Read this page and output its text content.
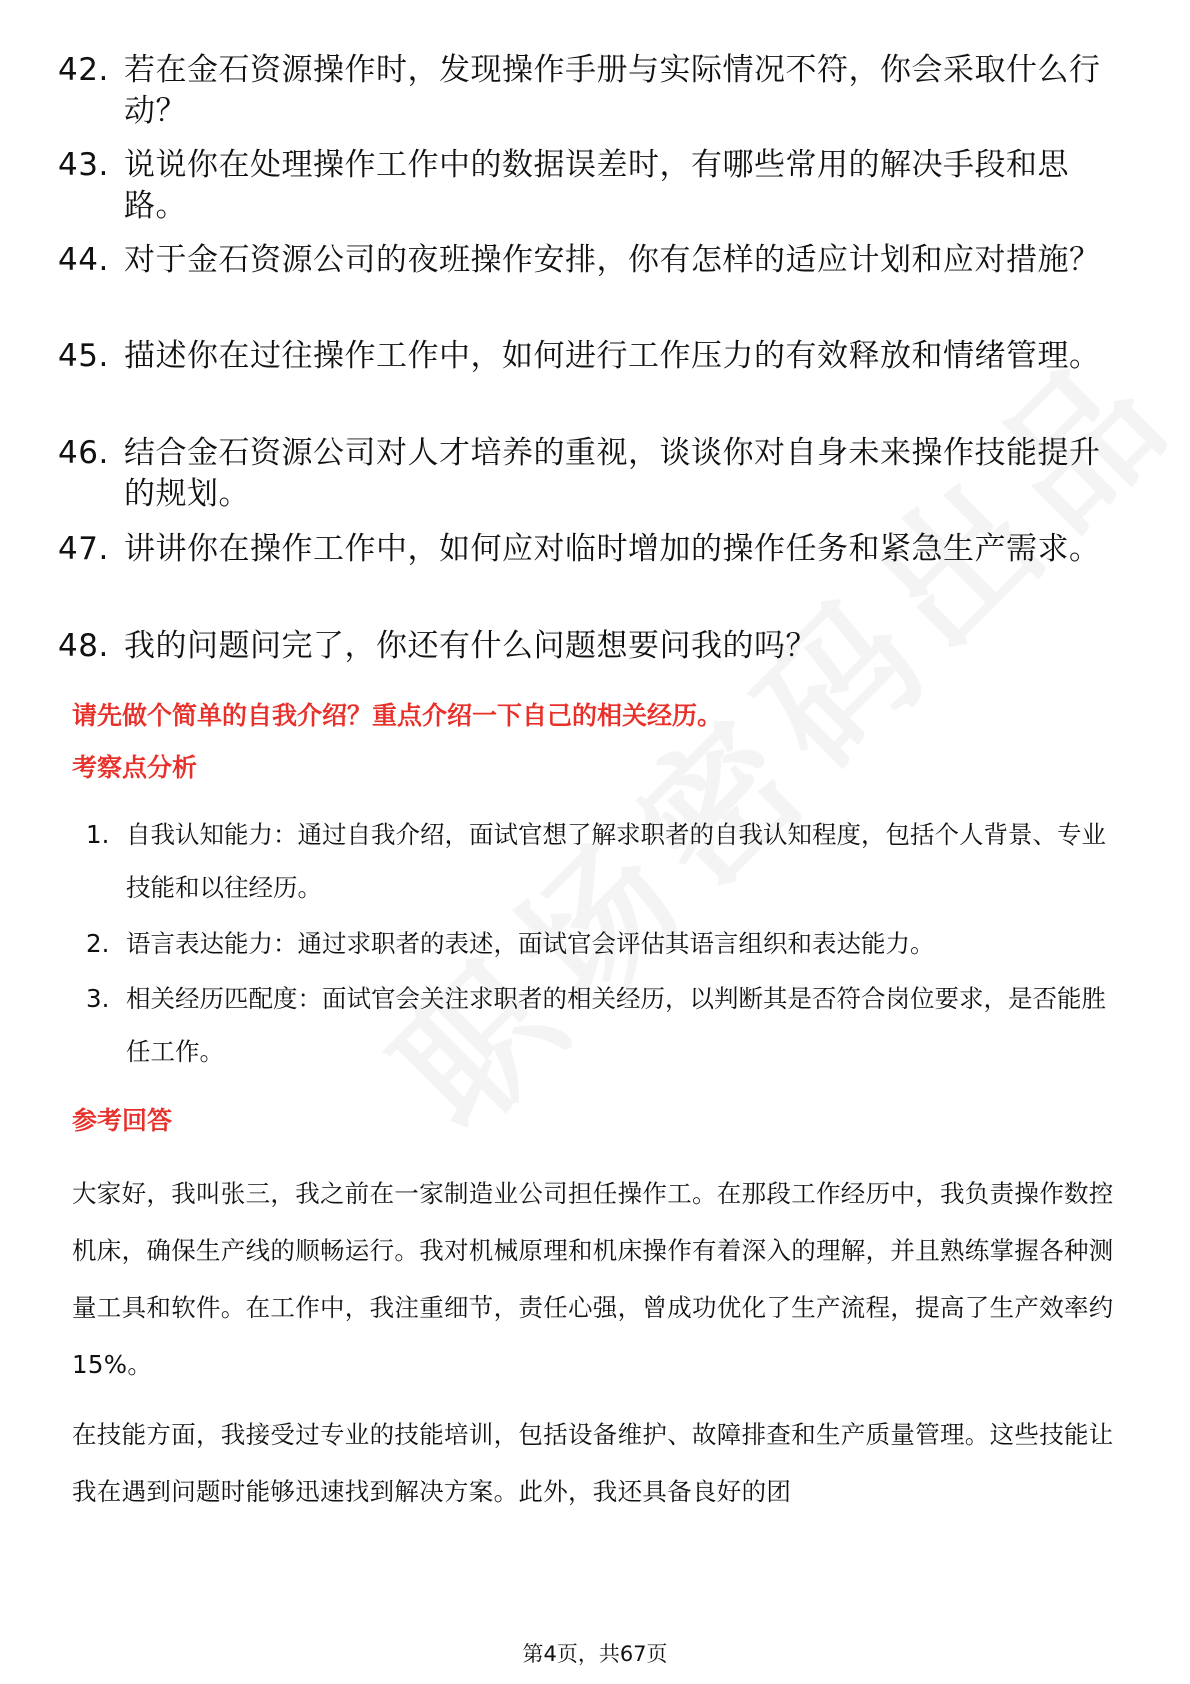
42. 若在金石资源操作时，发现操作手册与实际情况不符，你会采取什么行动？
43. 说说你在处理操作工作中的数据误差时，有哪些常用的解决手段和思路。
44. 对于金石资源公司的夜班操作安排，你有怎样的适应计划和应对措施？
45. 描述你在过往操作工作中，如何进行工作压力的有效释放和情绪管理。
46. 结合金石资源公司对人才培养的重视，谈谈你对自身未来操作技能提升的规划。
47. 讲讲你在操作工作中，如何应对临时增加的操作任务和紧急生产需求。
48. 我的问题问完了，你还有什么问题想要问我的吗？
请先做个简单的自我介绍？重点介绍一下自己的相关经历。
考察点分析
1. 自我认知能力：通过自我介绍，面试官想了解求职者的自我认知程度，包括个人背景、专业技能和以往经历。
2. 语言表达能力：通过求职者的表述，面试官会评估其语言组织和表达能力。
3. 相关经历匹配度：面试官会关注求职者的相关经历，以判断其是否符合岗位要求，是否能胜任工作。
参考回答
大家好，我叫张三，我之前在一家制造业公司担任操作工。在那段工作经历中，我负责操作数控机床，确保生产线的顺畅运行。我对机械原理和机床操作有着深入的理解，并且熟练掌握各种测量工具和软件。在工作中，我注重细节，责任心强，曾成功优化了生产流程，提高了生产效率约15%。
在技能方面，我接受过专业的技能培训，包括设备维护、故障排查和生产质量管理。这些技能让我在遇到问题时能够迅速找到解决方案。此外，我还具备良好的团
第4页，共67页
